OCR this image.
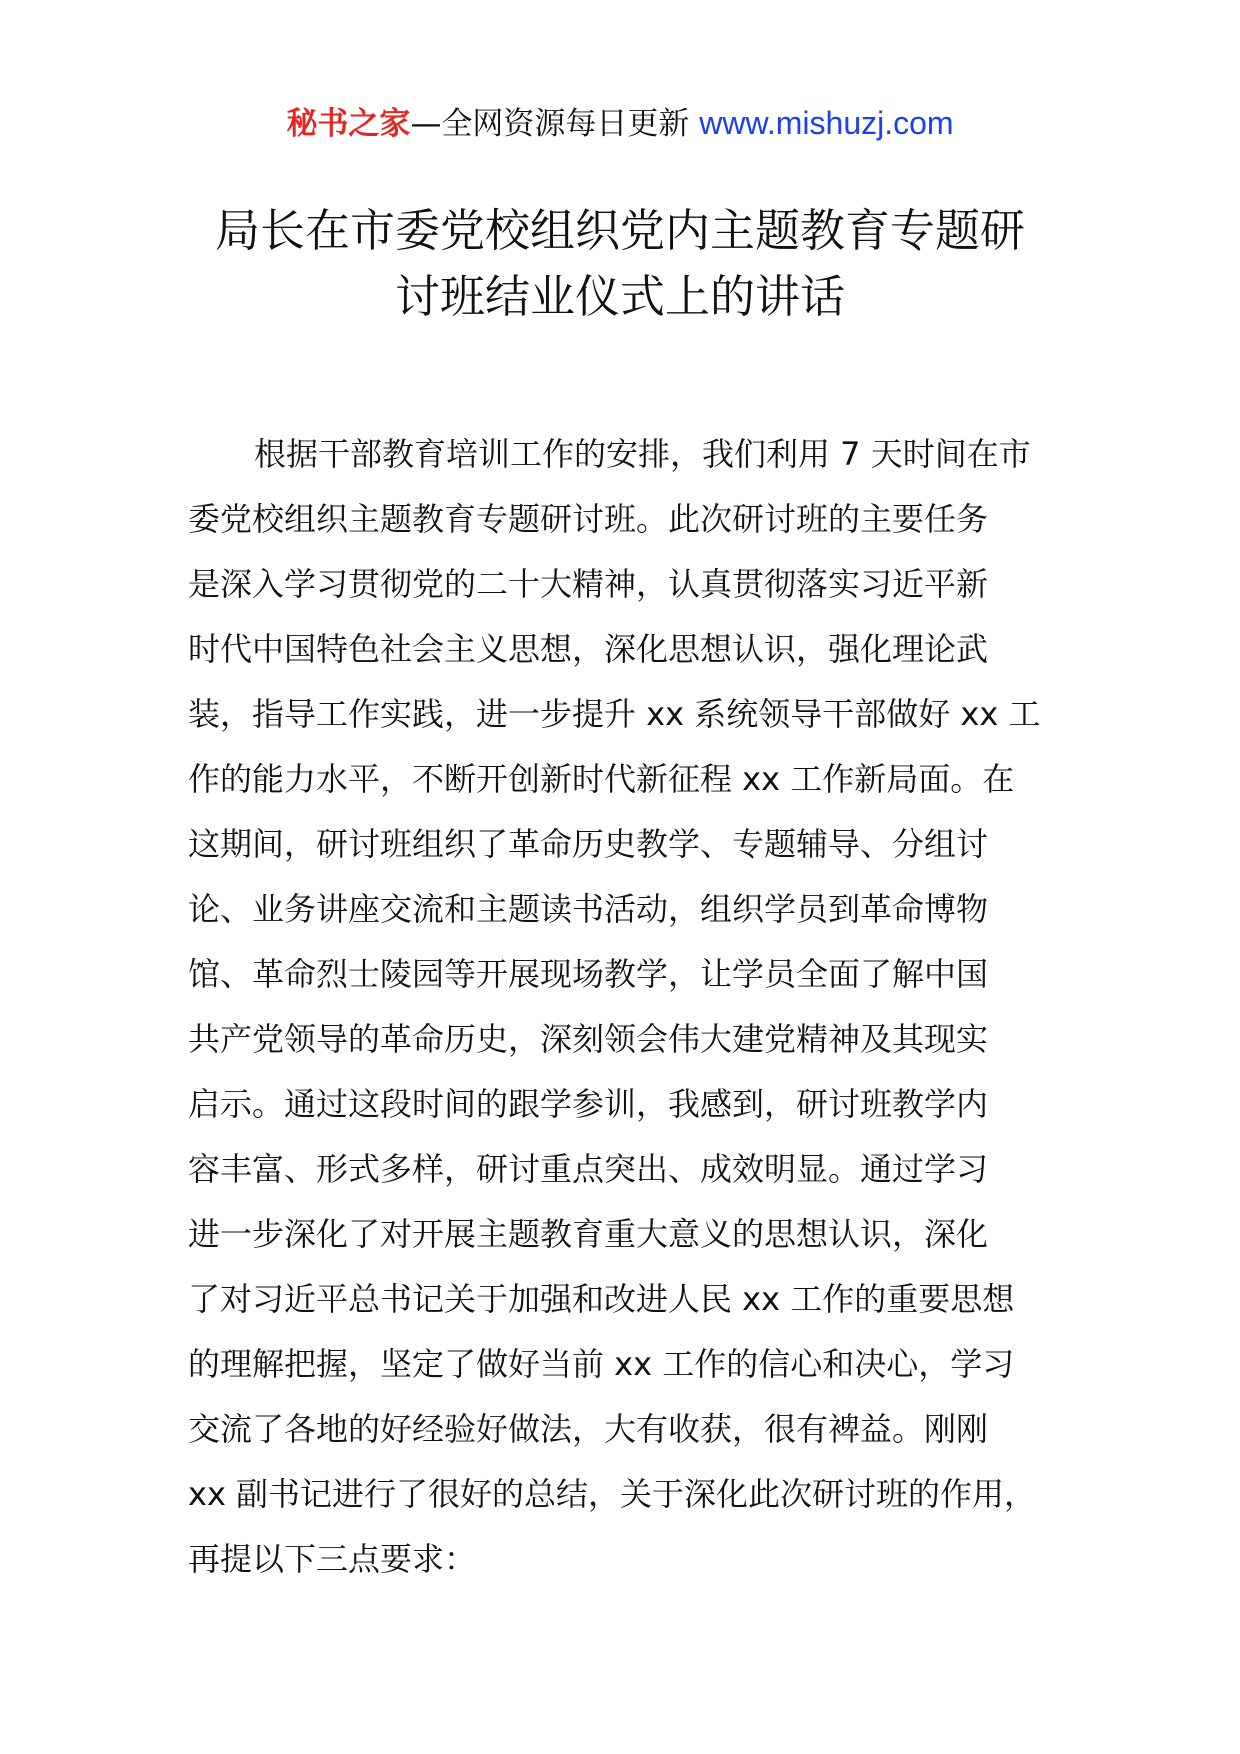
秘书之家—全网资源每日更新 www.mishuzj.com
局长在市委党校组织党内主题教育专题研
讨班结业仪式上的讲话
根据干部教育培训工作的安排，我们利用 7 天时间在市
委党校组织主题教育专题研讨班。此次研讨班的主要任务
是深入学习贯彻党的二十大精神，认真贯彻落实习近平新
时代中国特色社会主义思想，深化思想认识，强化理论武
装，指导工作实践，进一步提升 xx 系统领导干部做好 xx 工
作的能力水平，不断开创新时代新征程 xx 工作新局面。在
这期间，研讨班组织了革命历史教学、专题辅导、分组讨
论、业务讲座交流和主题读书活动，组织学员到革命博物
馆、革命烈士陵园等开展现场教学，让学员全面了解中国
共产党领导的革命历史，深刻领会伟大建党精神及其现实
启示。通过这段时间的跟学参训，我感到，研讨班教学内
容丰富、形式多样，研讨重点突出、成效明显。通过学习
进一步深化了对开展主题教育重大意义的思想认识，深化
了对习近平总书记关于加强和改进人民 xx 工作的重要思想
的理解把握，坚定了做好当前 xx 工作的信心和决心，学习
交流了各地的好经验好做法，大有收获，很有裨益。刚刚
xx 副书记进行了很好的总结，关于深化此次研讨班的作用，
再提以下三点要求：
